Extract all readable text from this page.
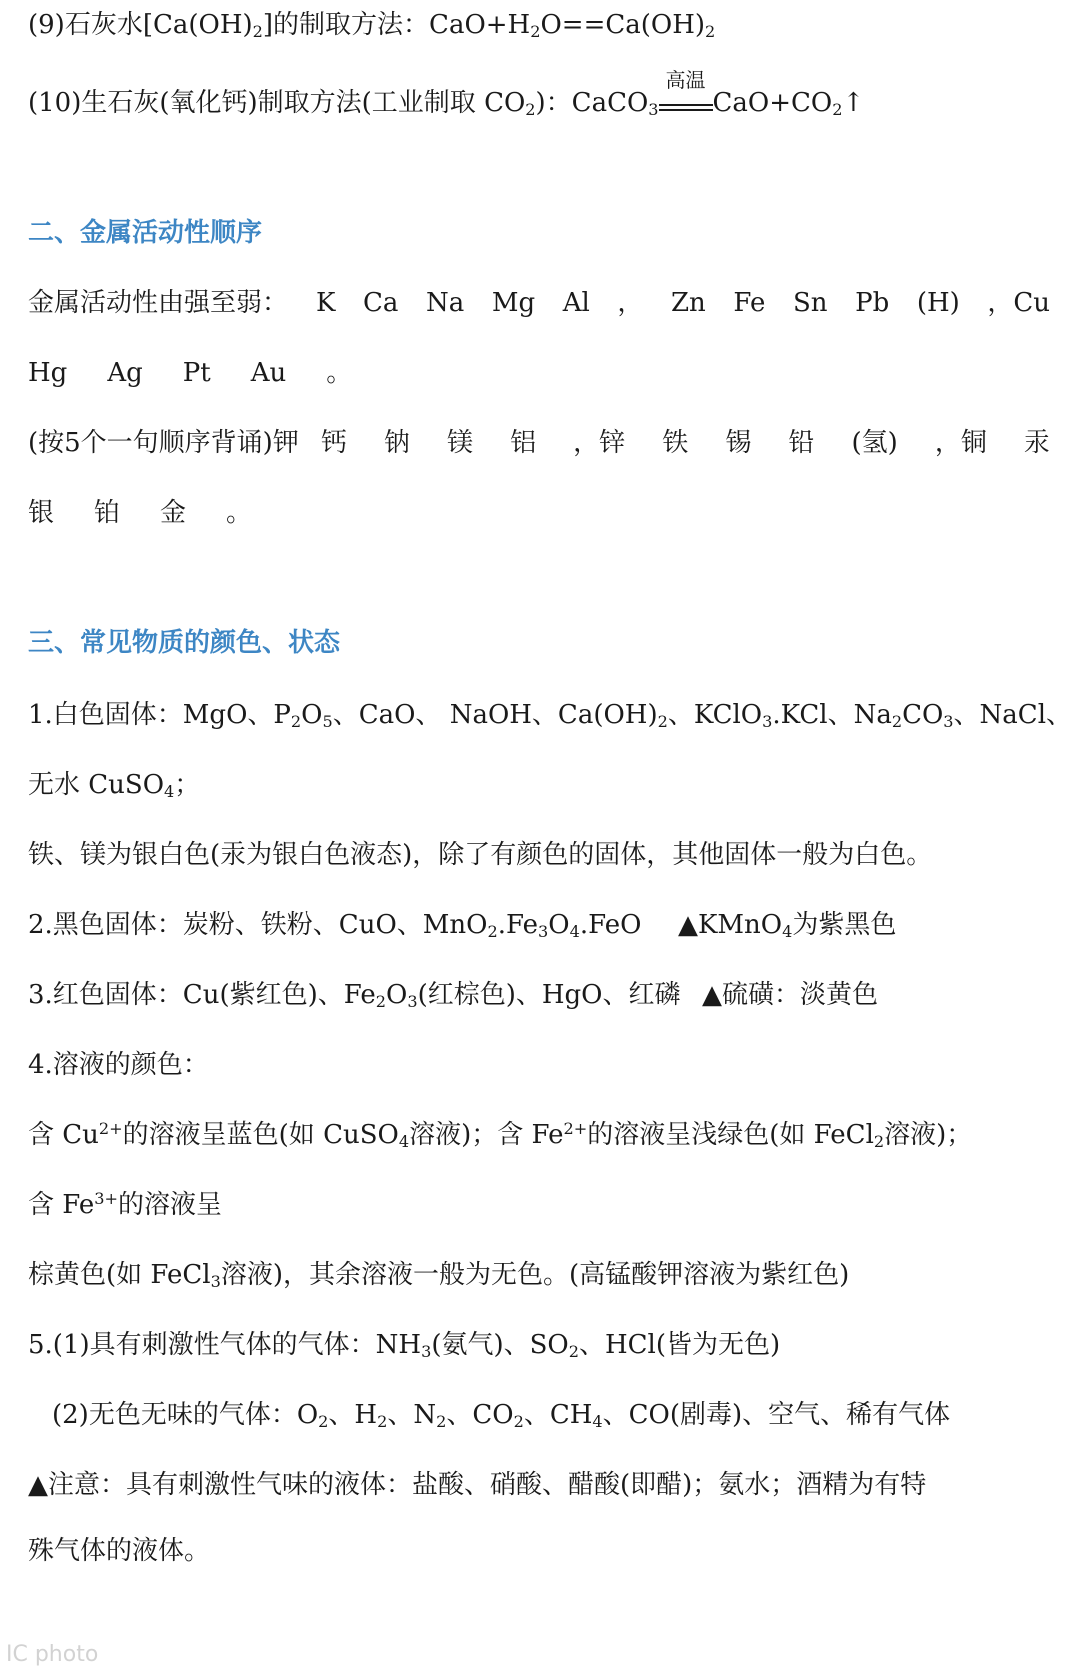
(9)石灰水$[Ca(OH)_2]$的制取方法：$CaO+H_2O==Ca(OH)_2$
(10)生石灰(氧化钙)制取方法(工业制取 $CO_2$)：CaCO$_3$
高温
$CaO+CO_2↑$
二、金属活动性顺序
金属活动性由强至弱： K Ca Na Mg Al ， Zn Fe Sn Pb (H) ，Cu
Hg Ag Pt Au 。
(按5个一句顺序背诵)钾 钙 钠 镁 铝 ，锌 铁 锡 铅 (氢) ，铜 汞
银 铂 金 。
三、常见物质的颜色、状态
1.白色固体：MgO、$P_2O_5$、CaO、 NaOH、$Ca(OH)_2$、KClO$_3$.KCl、$Na_2CO_3$、NaCl、
无水 CuSO$_4$；
铁、镁为银白色(汞为银白色液态)，除了有颜色的固体，其他固体一般为白色。
2.黑色固体：炭粉、铁粉、CuO、$MnO_2.Fe_3O_4.FeO$ ▲KMnO$_4$为紫黑色
3.红色固体：Cu(紫红色)、$Fe_2O_3$(红棕色)、HgO、红磷 ▲硫磺：淡黄色
4.溶液的颜色：
含 $Cu^{2+}$的溶液呈蓝色(如 CuSO$_4$溶液)；含 $Fe^{2+}$的溶液呈浅绿色(如 FeCl$_2$溶液)；
含 $Fe^{3+}$的溶液呈
棕黄色(如 FeCl$_3$溶液)，其余溶液一般为无色。(高锰酸钾溶液为紫红色)
5.(1)具有刺激性气体的气体：$NH_3$(氨气)、$SO_2$、HCl(皆为无色)
(2)无色无味的气体：$O_2$、$H_2$、$N_2$、$CO_2$、$CH_4$、CO(剧毒)、空气、稀有气体
▲注意：具有刺激性气味的液体：盐酸、硝酸、醋酸(即醋)；氨水；酒精为有特
殊气体的液体。
IC photo
